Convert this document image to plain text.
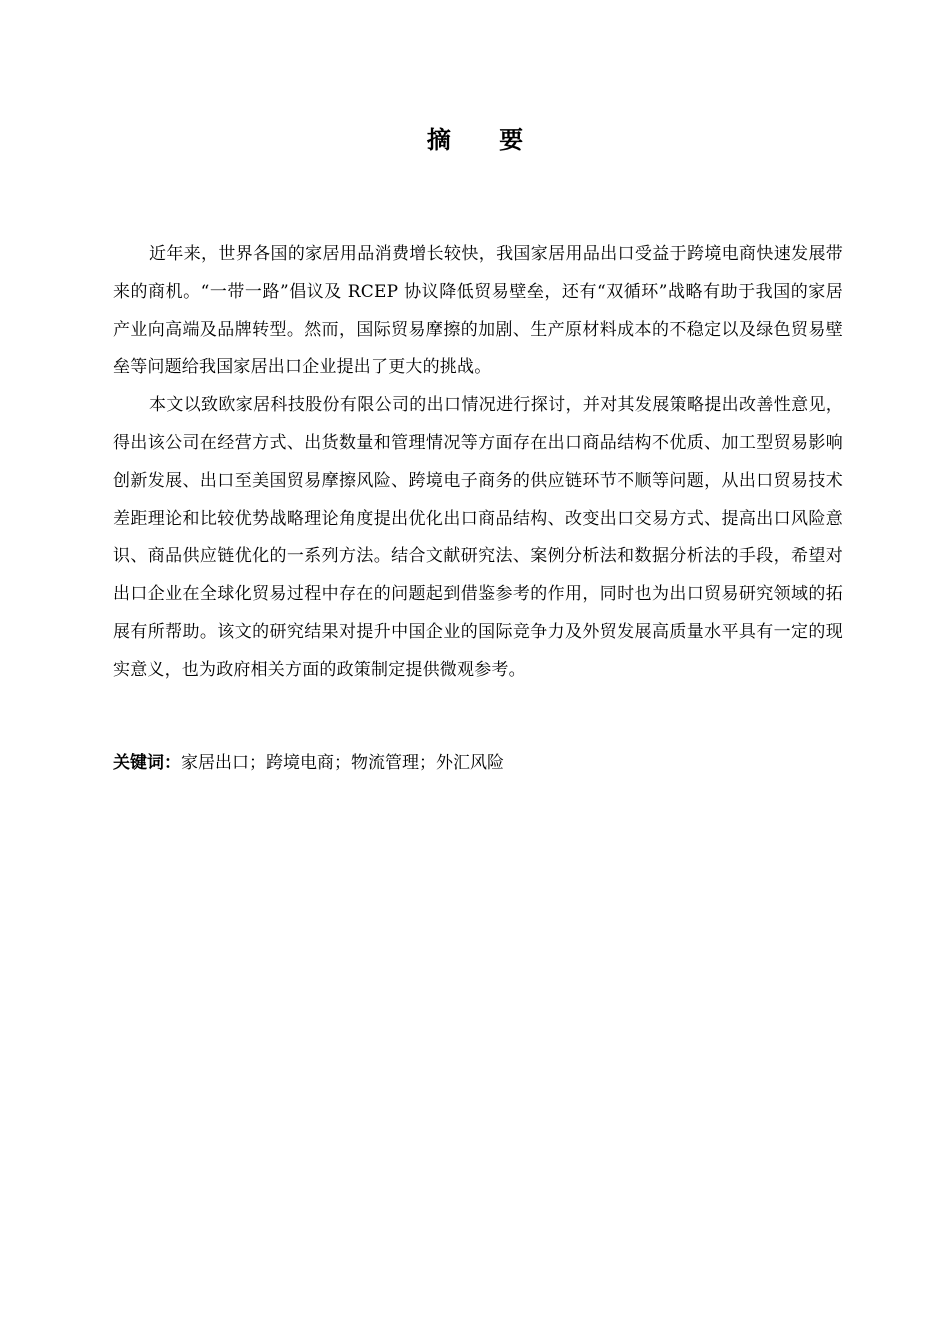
摘 要

近年来，世界各国的家居用品消费增长较快，我国家居用品出口受益于跨境电商快速发展带来的商机。“一带一路”倡议及 RCEP 协议降低贸易壁垒，还有“双循环”战略有助于我国的家居产业向高端及品牌转型。然而，国际贸易摩擦的加剧、生产原材料成本的不稳定以及绿色贸易壁垒等问题给我国家居出口企业提出了更大的挑战。

本文以致欧家居科技股份有限公司的出口情况进行探讨，并对其发展策略提出改善性意见，得出该公司在经营方式、出货数量和管理情况等方面存在出口商品结构不优质、加工型贸易影响创新发展、出口至美国贸易摩擦风险、跨境电子商务的供应链环节不顺等问题，从出口贸易技术差距理论和比较优势战略理论角度提出优化出口商品结构、改变出口交易方式、提高出口风险意识、商品供应链优化的一系列方法。结合文献研究法、案例分析法和数据分析法的手段，希望对出口企业在全球化贸易过程中存在的问题起到借鉴参考的作用，同时也为出口贸易研究领域的拓展有所帮助。该文的研究结果对提升中国企业的国际竞争力及外贸发展高质量水平具有一定的现实意义，也为政府相关方面的政策制定提供微观参考。

关键词：家居出口；跨境电商；物流管理；外汇风险
